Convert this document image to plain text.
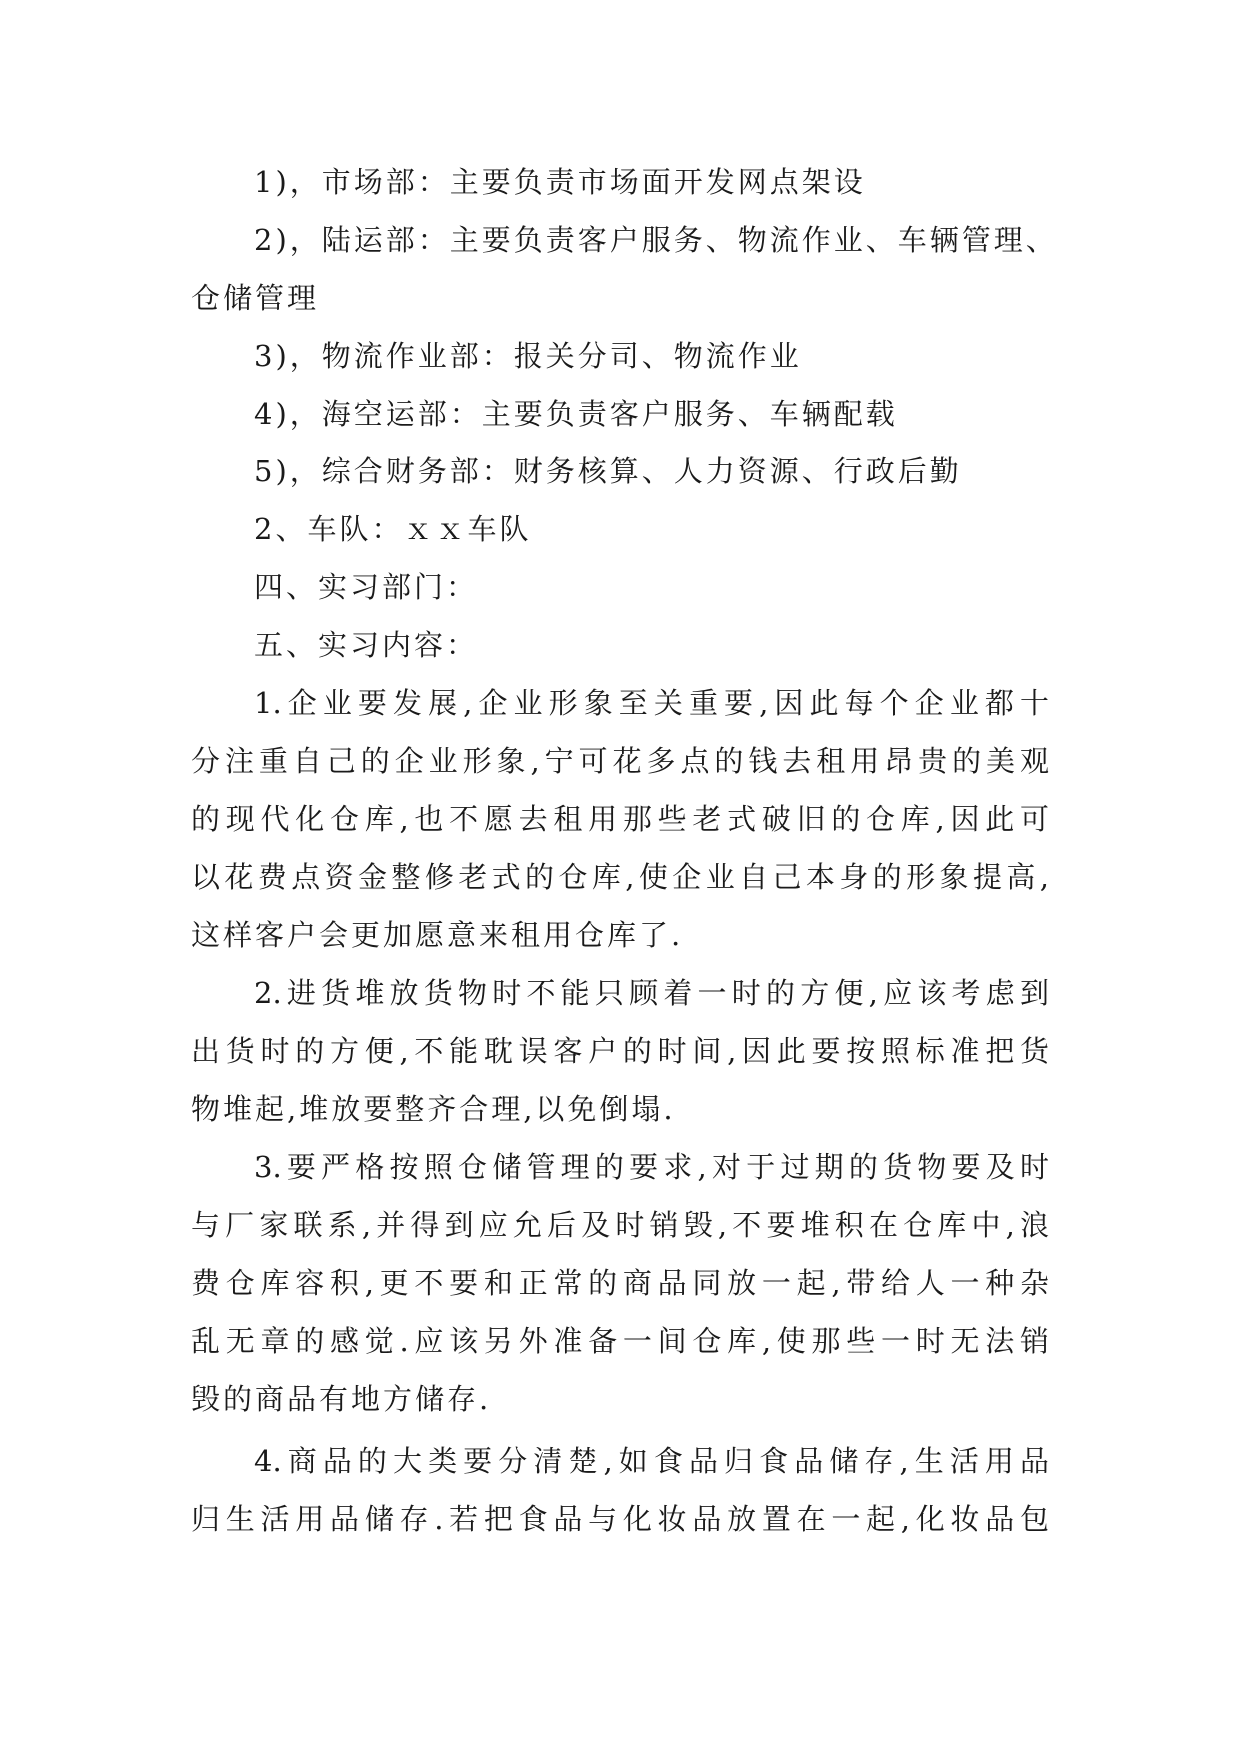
1)，市场部：主要负责市场面开发网点架设
2)，陆运部：主要负责客户服务、物流作业、车辆管理、
仓储管理
3)，物流作业部：报关分司、物流作业
4)，海空运部：主要负责客户服务、车辆配载
5)，综合财务部：财务核算、人力资源、行政后勤
2、车队：ｘｘ车队
四、实习部门：
五、实习内容：
1.企业要发展,企业形象至关重要,因此每个企业都十
分注重自己的企业形象,宁可花多点的钱去租用昂贵的美观
的现代化仓库,也不愿去租用那些老式破旧的仓库,因此可
以花费点资金整修老式的仓库,使企业自己本身的形象提高,
这样客户会更加愿意来租用仓库了.
2.进货堆放货物时不能只顾着一时的方便,应该考虑到
出货时的方便,不能耽误客户的时间,因此要按照标准把货
物堆起,堆放要整齐合理,以免倒塌.
3.要严格按照仓储管理的要求,对于过期的货物要及时
与厂家联系,并得到应允后及时销毁,不要堆积在仓库中,浪
费仓库容积,更不要和正常的商品同放一起,带给人一种杂
乱无章的感觉.应该另外准备一间仓库,使那些一时无法销
毁的商品有地方储存.
4.商品的大类要分清楚,如食品归食品储存,生活用品
归生活用品储存.若把食品与化妆品放置在一起,化妆品包
